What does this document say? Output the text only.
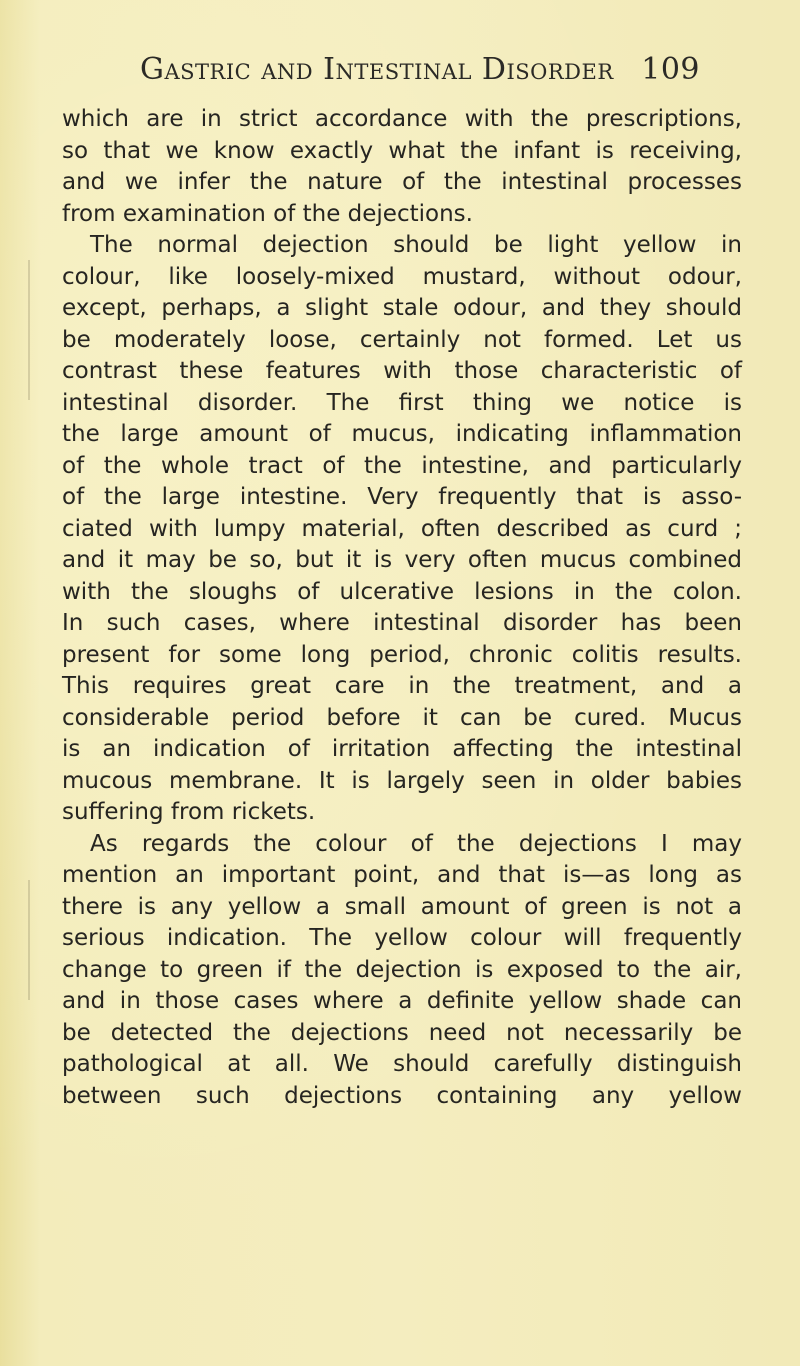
Gastric and Intestinal Disorder 109
which are in strict accordance with the prescriptions,
so that we know exactly what the infant is receiving,
and we infer the nature of the intestinal processes
from examination of the dejections.
The normal dejection should be light yellow in
colour, like loosely-mixed mustard, without odour,
except, perhaps, a slight stale odour, and they should
be moderately loose, certainly not formed. Let us
contrast these features with those characteristic of
intestinal disorder. The first thing we notice is
the large amount of mucus, indicating inflammation
of the whole tract of the intestine, and particularly
of the large intestine. Very frequently that is asso-
ciated with lumpy material, often described as curd ;
and it may be so, but it is very often mucus combined
with the sloughs of ulcerative lesions in the colon.
In such cases, where intestinal disorder has been
present for some long period, chronic colitis results.
This requires great care in the treatment, and a
considerable period before it can be cured. Mucus
is an indication of irritation affecting the intestinal
mucous membrane. It is largely seen in older babies
suffering from rickets.
As regards the colour of the dejections I may
mention an important point, and that is—as long as
there is any yellow a small amount of green is not a
serious indication. The yellow colour will frequently
change to green if the dejection is exposed to the air,
and in those cases where a definite yellow shade can
be detected the dejections need not necessarily be
pathological at all. We should carefully distinguish
between such dejections containing any yellow
